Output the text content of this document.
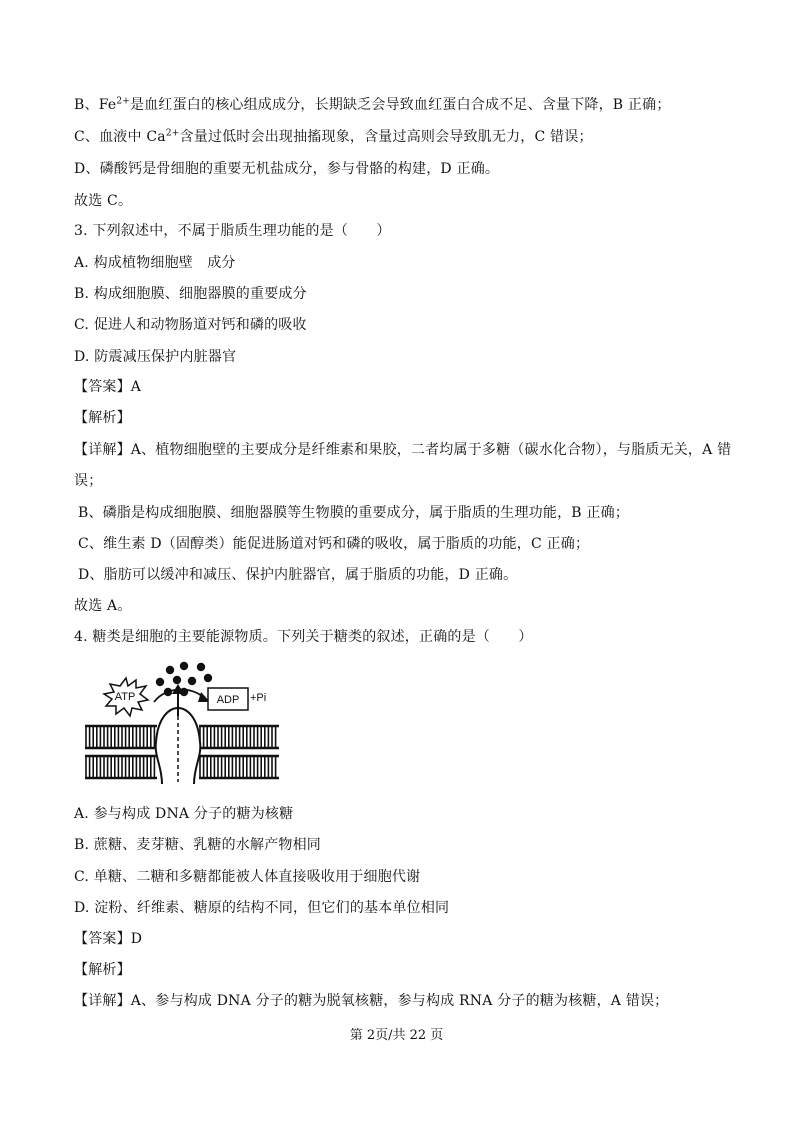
B、$Fe^{2+}$是血红蛋白的核心组成成分，长期缺乏会导致血红蛋白合成不足、含量下降，B 正确；
C、血液中 $Ca^{2+}$含量过低时会出现抽搐现象，含量过高则会导致肌无力，C 错误；
D、磷酸钙是骨细胞的重要无机盐成分，参与骨骼的构建，D 正确。
故选 C。
3. 下列叙述中，不属于脂质生理功能的是（　　）
A. 构成植物细胞壁　成分
B. 构成细胞膜、细胞器膜的重要成分
C. 促进人和动物肠道对钙和磷的吸收
D. 防震减压保护内脏器官
【答案】A
【解析】
【详解】A、植物细胞壁的主要成分是纤维素和果胶，二者均属于多糖（碳水化合物），与脂质无关，A 错
误；
B、磷脂是构成细胞膜、细胞器膜等生物膜的重要成分，属于脂质的生理功能，B 正确；
C、维生素 D（固醇类）能促进肠道对钙和磷的吸收，属于脂质的功能，C 正确；
D、脂肪可以缓冲和减压、保护内脏器官，属于脂质的功能，D 正确。
故选 A。
4. 糖类是细胞的主要能源物质。下列关于糖类的叙述，正确的是（　　）
ATP	ADP +Pi
A. 参与构成 DNA 分子的糖为核糖
B. 蔗糖、麦芽糖、乳糖的水解产物相同
C. 单糖、二糖和多糖都能被人体直接吸收用于细胞代谢
D. 淀粉、纤维素、糖原的结构不同，但它们的基本单位相同
【答案】D
【解析】
【详解】A、参与构成 DNA 分子的糖为脱氧核糖，参与构成 RNA 分子的糖为核糖，A 错误；
第 2页/共 22 页
